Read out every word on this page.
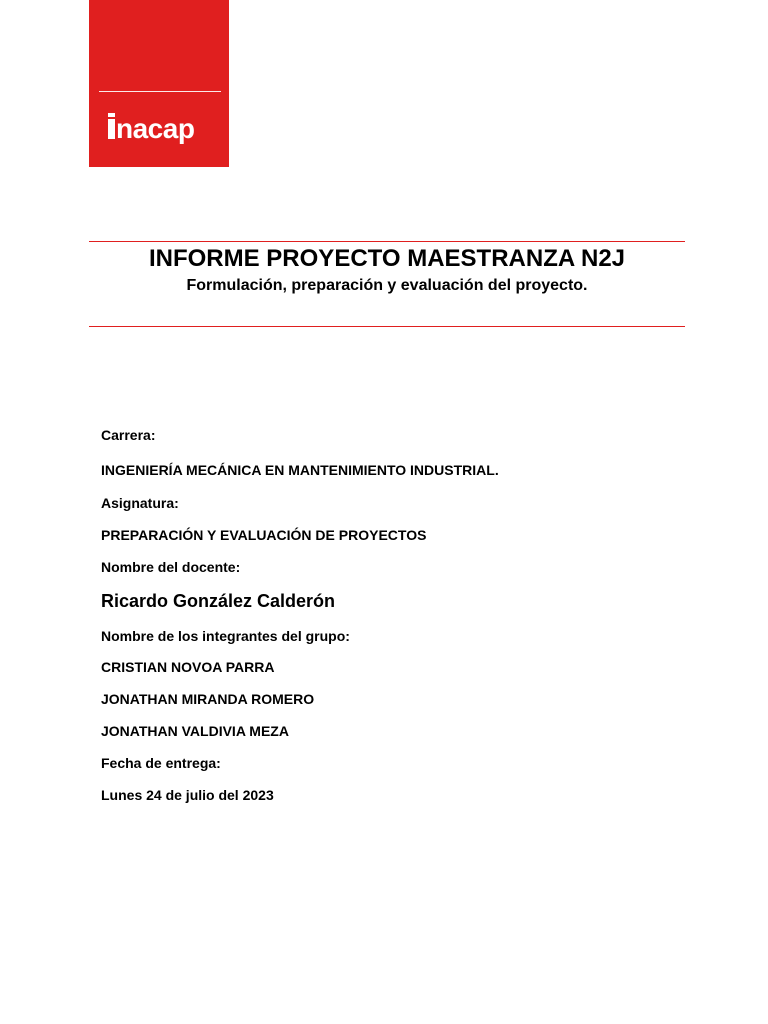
nacap
INFORME PROYECTO MAESTRANZA N2J
Formulación, preparación y evaluación del proyecto.
Carrera:
INGENIERÍA MECÁNICA EN MANTENIMIENTO INDUSTRIAL.
Asignatura:
PREPARACIÓN Y EVALUACIÓN DE PROYECTOS
Nombre del docente:
Ricardo González Calderón
Nombre de los integrantes del grupo:
CRISTIAN NOVOA PARRA
JONATHAN MIRANDA ROMERO
JONATHAN VALDIVIA MEZA
Fecha de entrega:
Lunes 24 de julio del 2023
